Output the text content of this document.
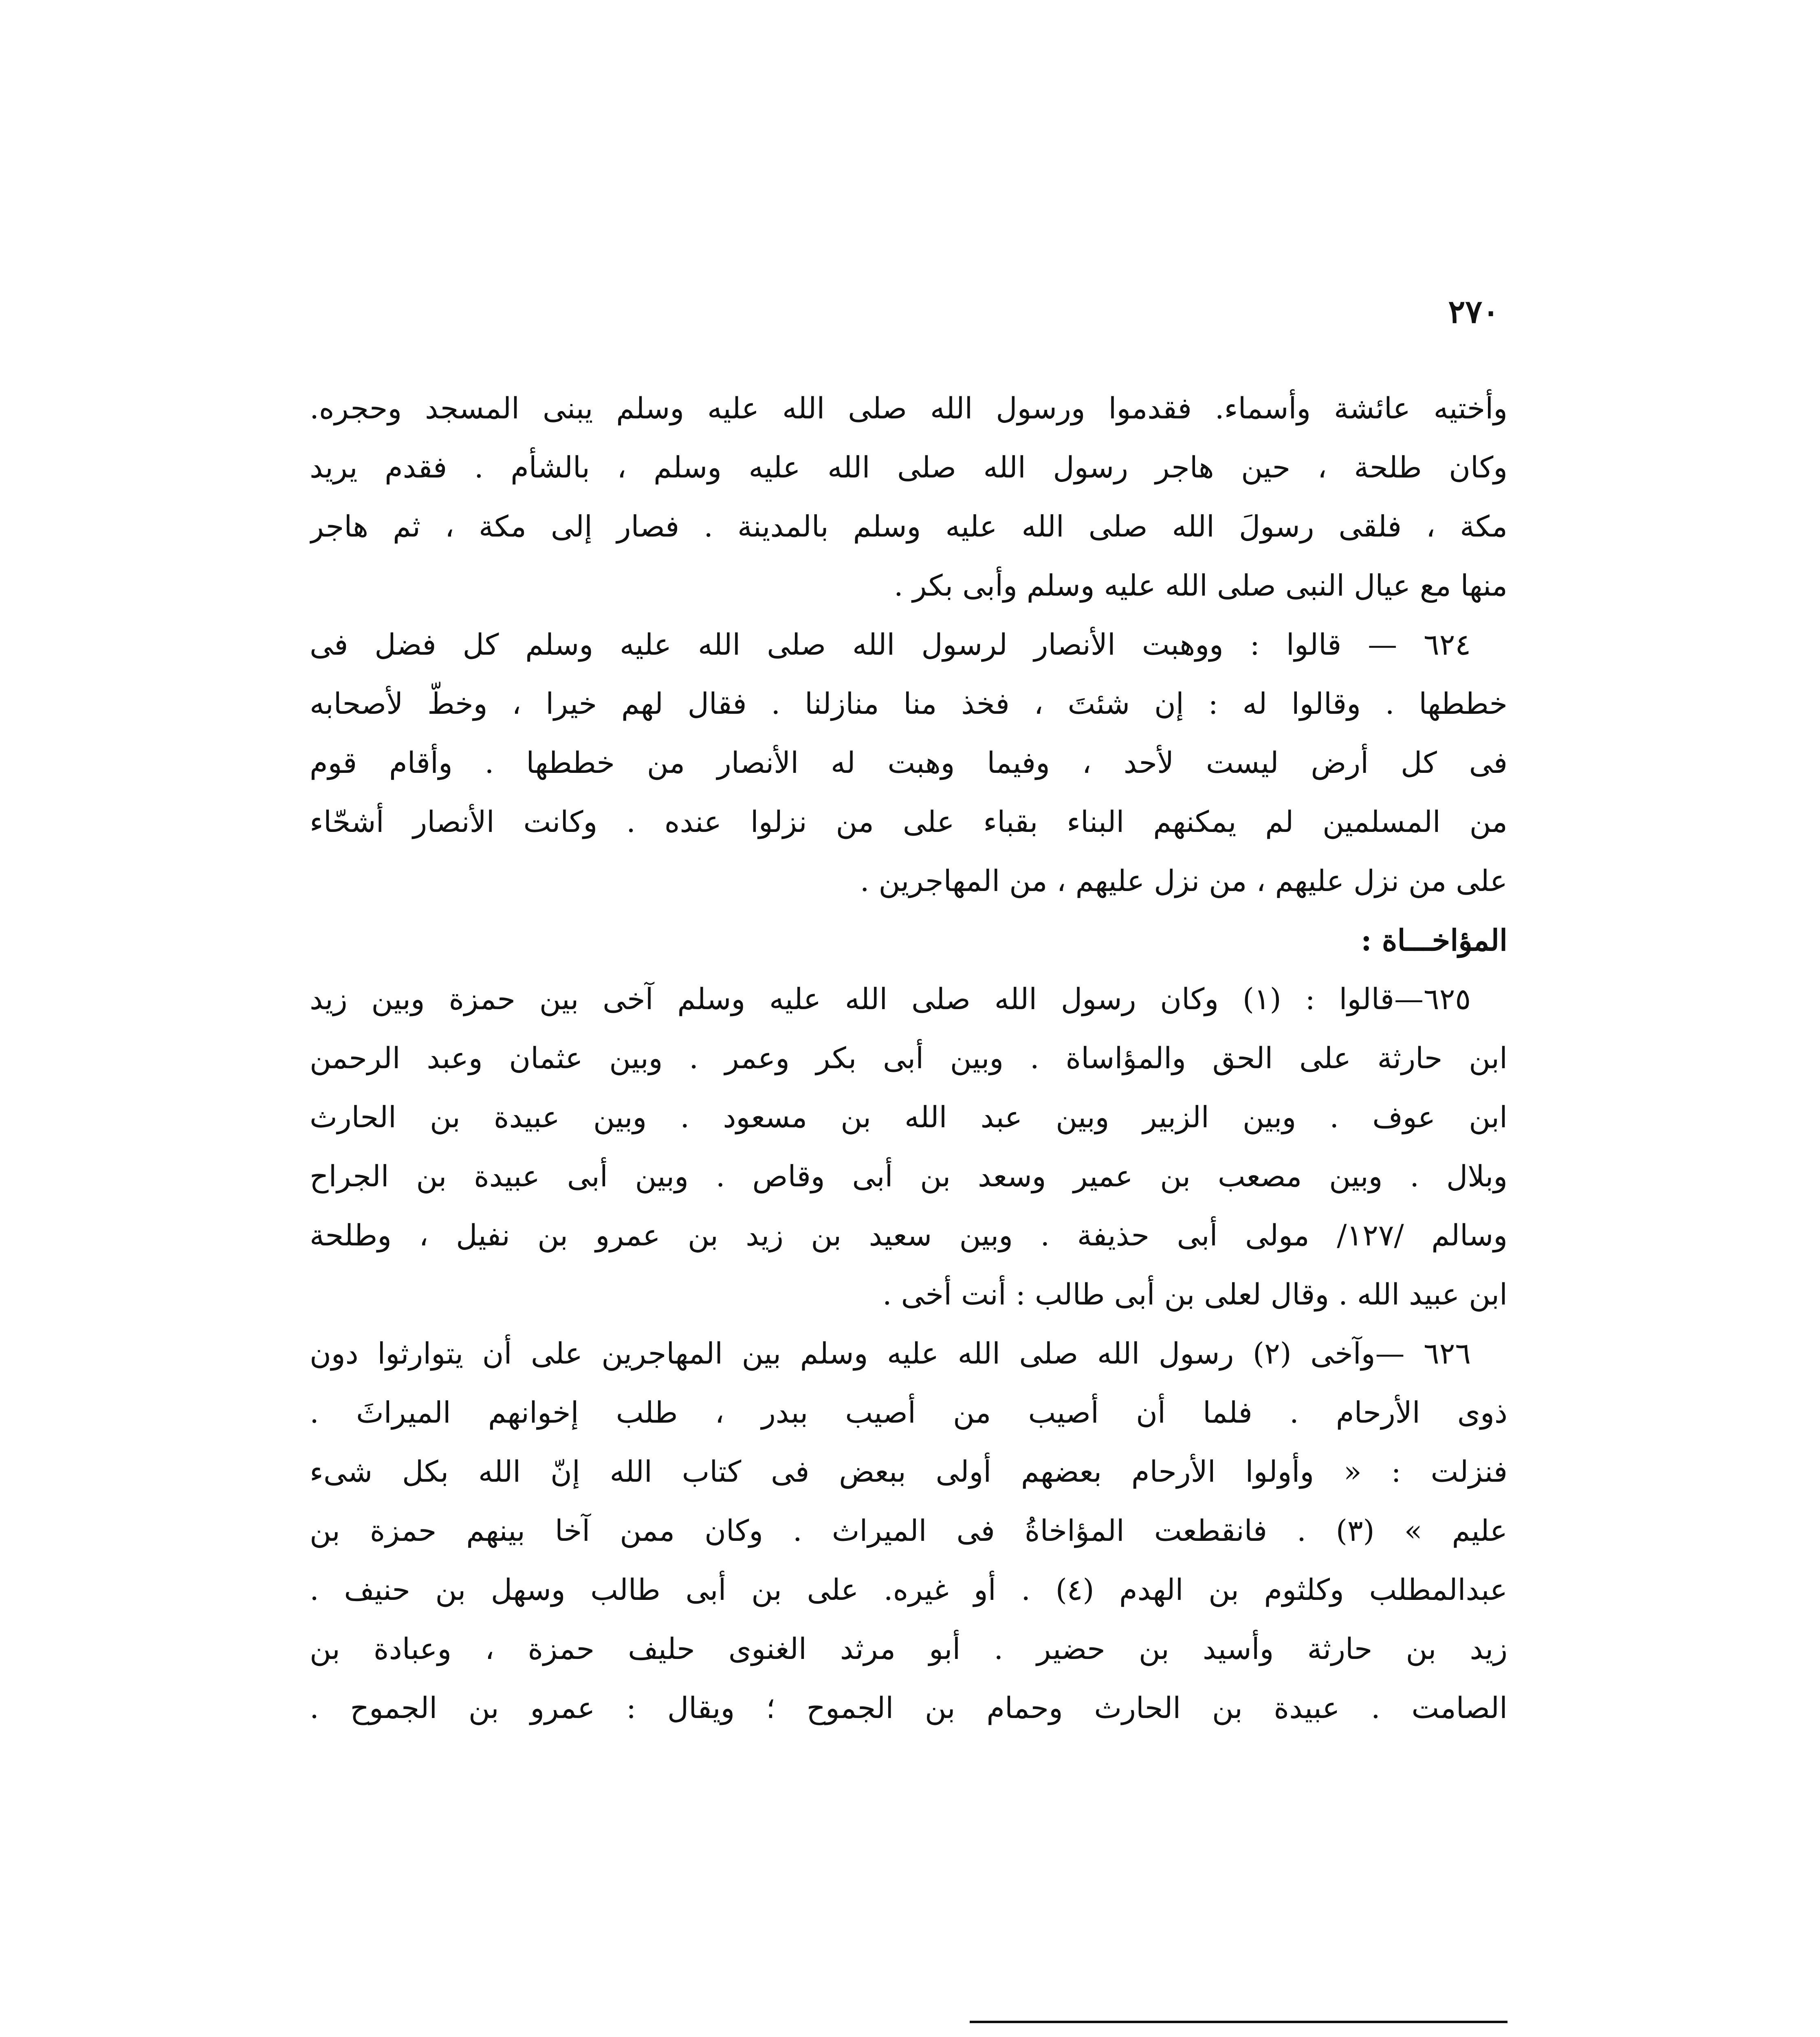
٢٧٠
وأختيه عائشة وأسماء. فقدموا ورسول الله صلى الله عليه وسلم يبنى المسجد وحجره.
وكان طلحة ، حين هاجر رسول الله صلى الله عليه وسلم ، بالشأم . فقدم يريد
مكة ، فلقى رسولَ الله صلى الله عليه وسلم بالمدينة . فصار إلى مكة ، ثم هاجر
منها مع عيال النبى صلى الله عليه وسلم وأبى بكر .
٦٢٤ — قالوا : ووهبت الأنصار لرسول الله صلى الله عليه وسلم كل فضل فى
خططها . وقالوا له : إن شئتَ ، فخذ منا منازلنا . فقال لهم خيرا ، وخطّ لأصحابه
فى كل أرض ليست لأحد ، وفيما وهبت له الأنصار من خططها . وأقام قوم
من المسلمين لم يمكنهم البناء بقباء على من نزلوا عنده . وكانت الأنصار أشحّاء
على من نزل عليهم ، من نزل عليهم ، من المهاجرين .
المؤاخـــاة :
٦٢٥—قالوا : (١) وكان رسول الله صلى الله عليه وسلم آخى بين حمزة وبين زيد
ابن حارثة على الحق والمؤاساة . وبين أبى بكر وعمر . وبين عثمان وعبد الرحمن
ابن عوف . وبين الزبير وبين عبد الله بن مسعود . وبين عبيدة بن الحارث
وبلال . وبين مصعب بن عمير وسعد بن أبى وقاص . وبين أبى عبيدة بن الجراح
وسالم /١٢٧/ مولى أبى حذيفة . وبين سعيد بن زيد بن عمرو بن نفيل ، وطلحة
ابن عبيد الله . وقال لعلى بن أبى طالب : أنت أخى .
٦٢٦ —وآخى (٢) رسول الله صلى الله عليه وسلم بين المهاجرين على أن يتوارثوا دون
ذوى الأرحام . فلما أن أصيب من أصيب ببدر ، طلب إخوانهم الميراثَ .
فنزلت : « وأولوا الأرحام بعضهم أولى ببعض فى كتاب الله إنّ الله بكل شىء
عليم » (٣) . فانقطعت المؤاخاةُ فى الميراث . وكان ممن آخا بينهم حمزة بن
عبدالمطلب وكلثوم بن الهدم (٤) . أو غيره. على بن أبى طالب وسهل بن حنيف .
زيد بن حارثة وأسيد بن حضير . أبو مرثد الغنوى حليف حمزة ، وعبادة بن
الصامت . عبيدة بن الحارث وحمام بن الجموح ؛ ويقال : عمرو بن الجموح .
